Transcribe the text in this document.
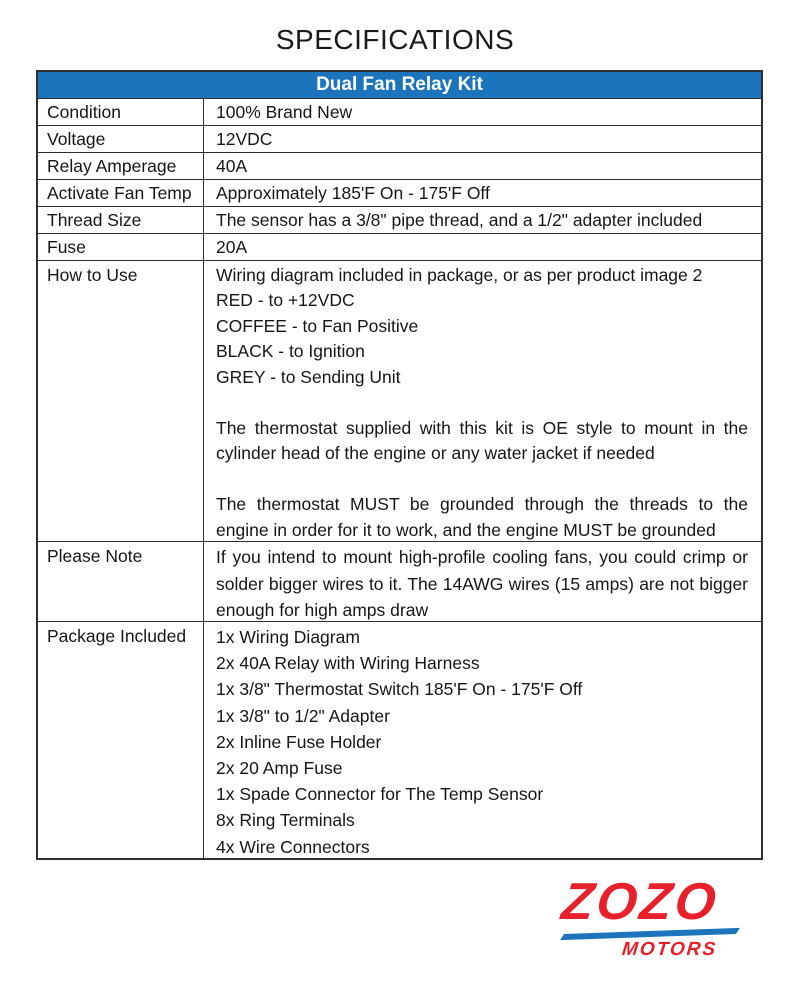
SPECIFICATIONS
Dual Fan Relay Kit
Condition	100% Brand New
Voltage	12VDC
Relay Amperage	40A
Activate Fan Temp	Approximately 185'F On - 175'F Off
Thread Size	The sensor has a 3/8" pipe thread, and a 1/2" adapter included
Fuse	20A
How to Use	Wiring diagram included in package, or as per product image 2
RED - to +12VDC
COFFEE - to Fan Positive
BLACK - to Ignition
GREY - to Sending Unit
The thermostat supplied with this kit is OE style to mount in the
cylinder head of the engine or any water jacket if needed
The thermostat MUST be grounded through the threads to the
engine in order for it to work, and the engine MUST be grounded
Please Note	If you intend to mount high-profile cooling fans, you could crimp or
solder bigger wires to it. The 14AWG wires (15 amps) are not bigger
enough for high amps draw
Package Included	1x Wiring Diagram
2x 40A Relay with Wiring Harness
1x 3/8" Thermostat Switch 185'F On - 175'F Off
1x 3/8" to 1/2" Adapter
2x Inline Fuse Holder
2x 20 Amp Fuse
1x Spade Connector for The Temp Sensor
8x Ring Terminals
4x Wire Connectors
ZOZO
MOTORS
